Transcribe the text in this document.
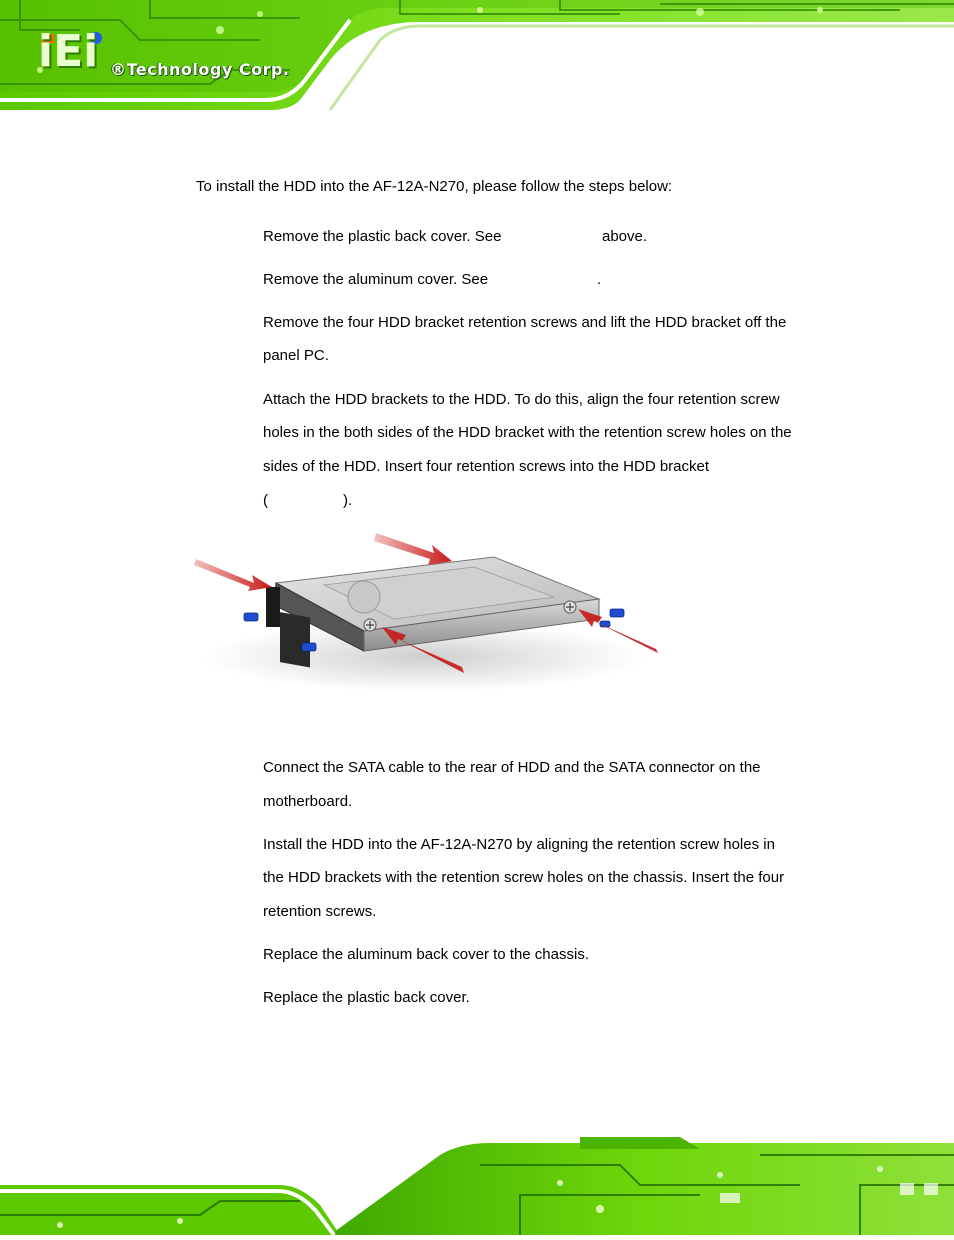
iEi ®Technology Corp.
To install the HDD into the AF-12A-N270, please follow the steps below:
Remove the plastic back cover. See	above.
Remove the aluminum cover. See	.
Remove the four HDD bracket retention screws and lift the HDD bracket off the
panel PC.
Attach the HDD brackets to the HDD. To do this, align the four retention screw
holes in the both sides of the HDD bracket with the retention screw holes on the
sides of the HDD. Insert four retention screws into the HDD bracket
(	).
Connect the SATA cable to the rear of HDD and the SATA connector on the
motherboard.
Install the HDD into the AF-12A-N270 by aligning the retention screw holes in
the HDD brackets with the retention screw holes on the chassis. Insert the four
retention screws.
Replace the aluminum back cover to the chassis.
Replace the plastic back cover.
